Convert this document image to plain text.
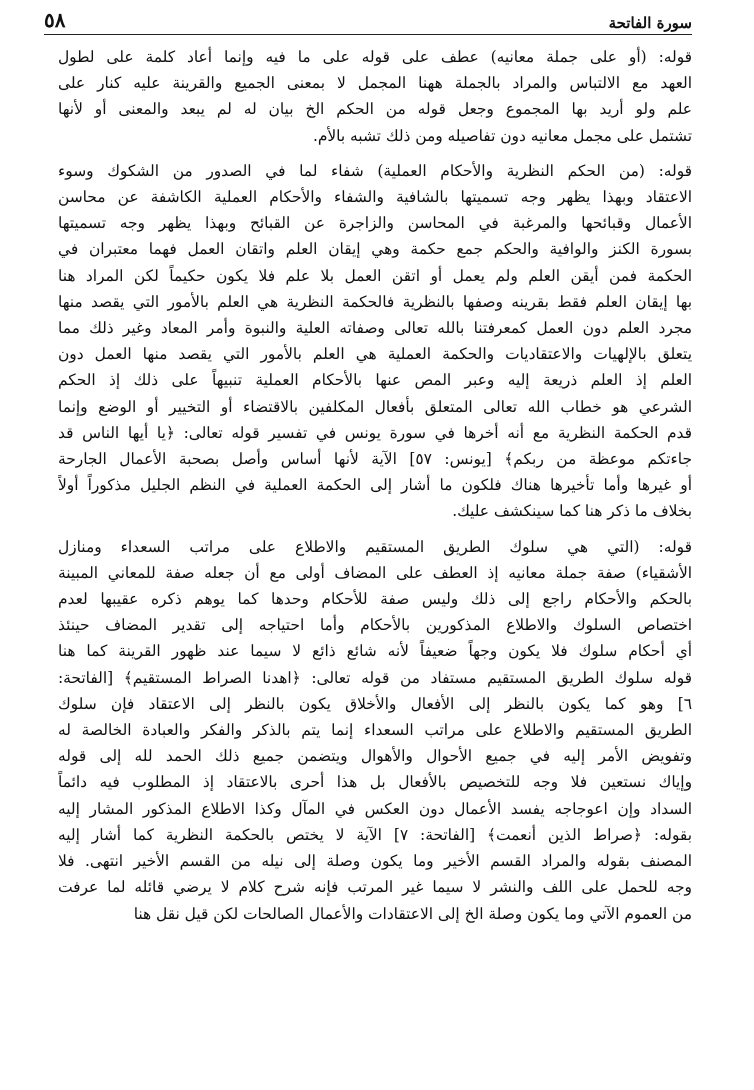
سورة الفاتحة
٥٨
قوله: (أو على جملة معانيه) عطف على قوله على ما فيه وإنما أعاد كلمة على لطول
العهد مع الالتباس والمراد بالجملة ههنا المجمل لا بمعنى الجميع والقرينة عليه كنار على
علم ولو أريد بها المجموع وجعل قوله من الحكم الخ بيان له لم يبعد والمعنى أو لأنها
تشتمل على مجمل معانيه دون تفاصيله ومن ذلك تشبه بالأم.
قوله: (من الحكم النظرية والأحكام العملية) شفاء لما في الصدور من الشكوك وسوء
الاعتقاد وبهذا يظهر وجه تسميتها بالشافية والشفاء والأحكام العملية الكاشفة عن محاسن
الأعمال وقبائحها والمرغبة في المحاسن والزاجرة عن القبائح وبهذا يظهر وجه تسميتها
بسورة الكنز والوافية والحكم جمع حكمة وهي إيقان العلم واتقان العمل فهما معتبران في
الحكمة فمن أيقن العلم ولم يعمل أو اتقن العمل بلا علم فلا يكون حكيماً لكن المراد هنا
بها إيقان العلم فقط بقرينه وصفها بالنظرية فالحكمة النظرية هي العلم بالأمور التي يقصد منها
مجرد العلم دون العمل كمعرفتنا بالله تعالى وصفاته العلية والنبوة وأمر المعاد وغير ذلك مما
يتعلق بالإلهيات والاعتقاديات والحكمة العملية هي العلم بالأمور التي يقصد منها العمل دون
العلم إذ العلم ذريعة إليه وعبر المص عنها بالأحكام العملية تنبيهاً على ذلك إذ الحكم
الشرعي هو خطاب الله تعالى المتعلق بأفعال المكلفين بالاقتضاء أو التخيير أو الوضع وإنما
قدم الحكمة النظرية مع أنه أخرها في سورة يونس في تفسير قوله تعالى: ﴿يا أيها الناس قد
جاءتكم موعظة من ربكم﴾ [يونس: ٥٧] الآية لأنها أساس وأصل بصحبة الأعمال الجارحة
أو غيرها وأما تأخيرها هناك فلكون ما أشار إلى الحكمة العملية في النظم الجليل مذكوراً أولاً
بخلاف ما ذكر هنا كما سينكشف عليك.
قوله: (التي هي سلوك الطريق المستقيم والاطلاع على مراتب السعداء ومنازل
الأشقياء) صفة جملة معانيه إذ العطف على المضاف أولى مع أن جعله صفة للمعاني المبينة
بالحكم والأحكام راجع إلى ذلك وليس صفة للأحكام وحدها كما يوهم ذكره عقيبها لعدم
اختصاص السلوك والاطلاع المذكورين بالأحكام وأما احتياجه إلى تقدير المضاف حينئذ
أي أحكام سلوك فلا يكون وجهاً ضعيفاً لأنه شائع ذائع لا سيما عند ظهور القرينة كما هنا
قوله سلوك الطريق المستقيم مستفاد من قوله تعالى: ﴿اهدنا الصراط المستقيم﴾ [الفاتحة:
٦] وهو كما يكون بالنظر إلى الأفعال والأخلاق يكون بالنظر إلى الاعتقاد فإن سلوك
الطريق المستقيم والاطلاع على مراتب السعداء إنما يتم بالذكر والفكر والعبادة الخالصة له
وتفويض الأمر إليه في جميع الأحوال والأهوال ويتضمن جميع ذلك الحمد لله إلى قوله
وإياك نستعين فلا وجه للتخصيص بالأفعال بل هذا أحرى بالاعتقاد إذ المطلوب فيه دائماً
السداد وإن اعوجاجه يفسد الأعمال دون العكس في المآل وكذا الاطلاع المذكور المشار إليه
بقوله: ﴿صراط الذين أنعمت﴾ [الفاتحة: ٧] الآية لا يختص بالحكمة النظرية كما أشار إليه
المصنف بقوله والمراد القسم الأخير وما يكون وصلة إلى نيله من القسم الأخير انتهى. فلا
وجه للحمل على اللف والنشر لا سيما غير المرتب فإنه شرح كلام لا يرضي قائله لما عرفت
من العموم الآتي وما يكون وصلة الخ إلى الاعتقادات والأعمال الصالحات لكن قيل نقل هنا
